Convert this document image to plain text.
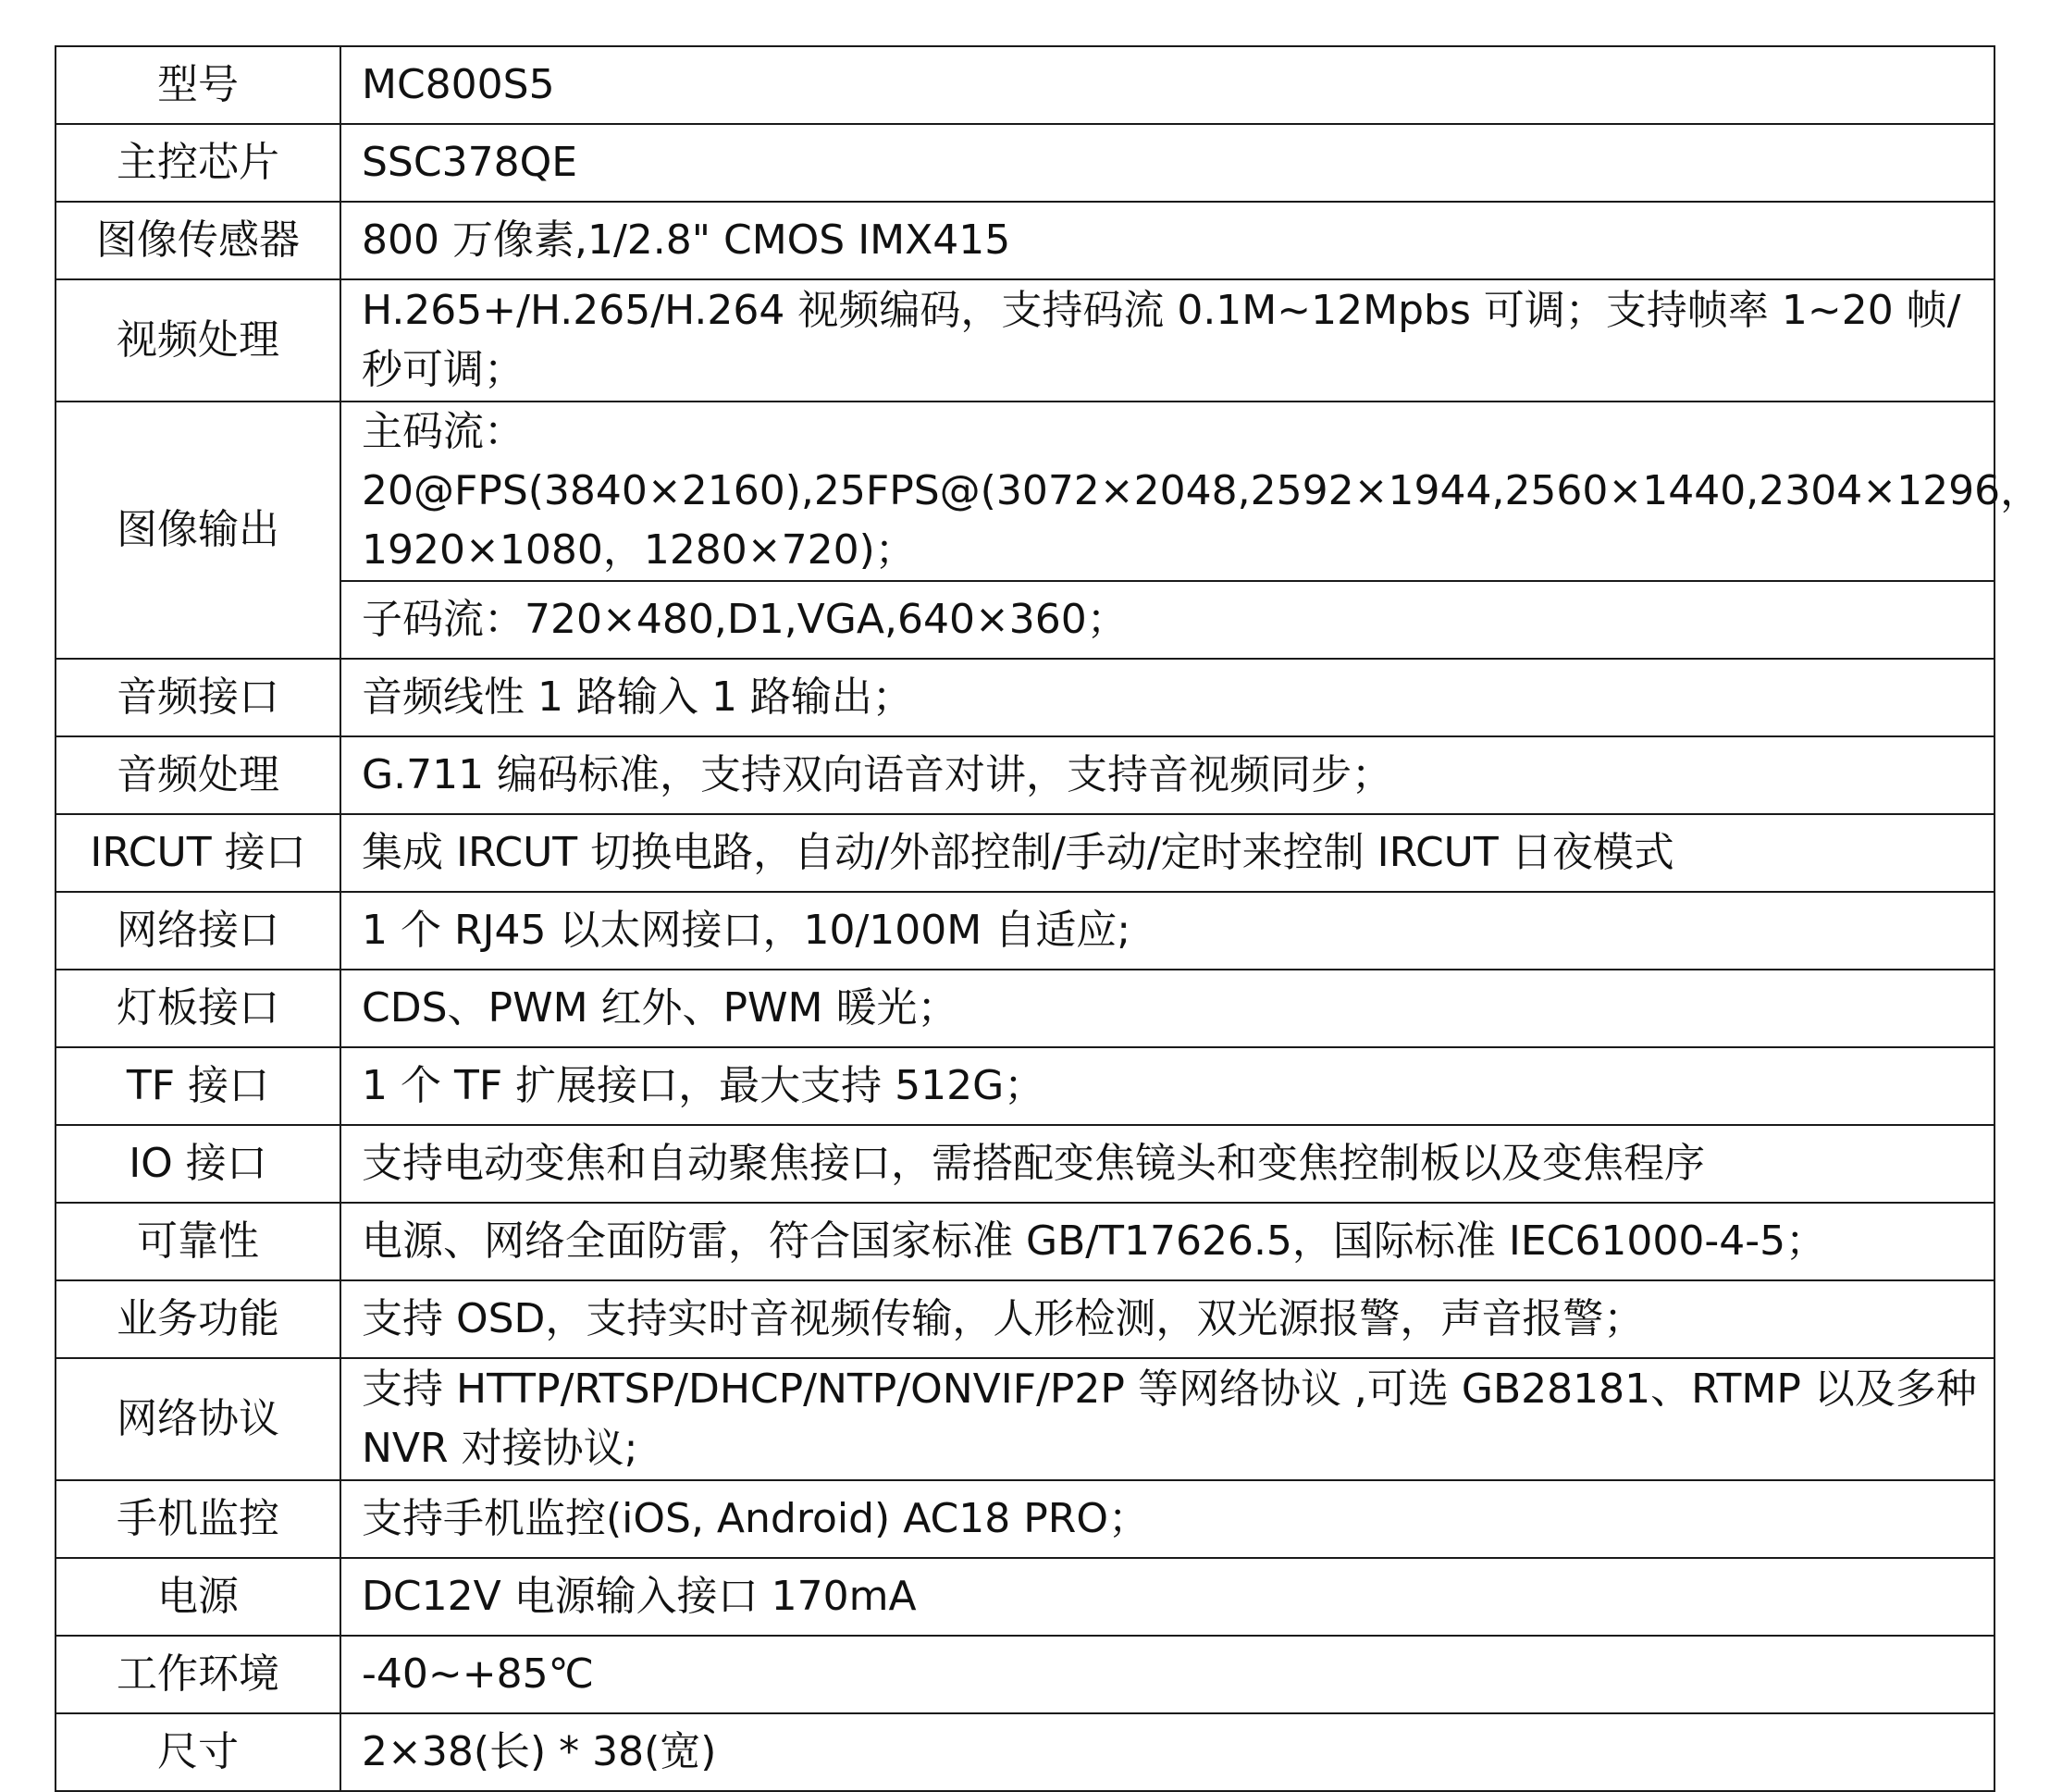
型号	MC800S5
主控芯片	SSC378QE
图像传感器	800 万像素,1/2.8" CMOS IMX415
视频处理	H.265+/H.265/H.264 视频编码，支持码流 0.1M~12Mpbs 可调；支持帧率 1~20 帧/秒可调；
图像输出	主码流：20@FPS(3840×2160),25FPS@(3072×2048,2592×1944,2560×1440,2304×1296，1920×1080，1280×720)；
	子码流：720×480,D1,VGA,640×360；
音频接口	音频线性 1 路输入 1 路输出；
音频处理	G.711 编码标准，支持双向语音对讲，支持音视频同步；
IRCUT 接口	集成 IRCUT 切换电路，自动/外部控制/手动/定时来控制 IRCUT 日夜模式
网络接口	1 个 RJ45 以太网接口，10/100M 自适应;
灯板接口	CDS、PWM 红外、PWM 暖光；
TF 接口	1 个 TF 扩展接口，最大支持 512G；
IO 接口	支持电动变焦和自动聚焦接口，需搭配变焦镜头和变焦控制板以及变焦程序
可靠性	电源、网络全面防雷，符合国家标准 GB/T17626.5，国际标准 IEC61000-4-5；
业务功能	支持 OSD，支持实时音视频传输，人形检测，双光源报警，声音报警；
网络协议	支持 HTTP/RTSP/DHCP/NTP/ONVIF/P2P 等网络协议 ,可选 GB28181、RTMP 以及多种 NVR 对接协议;
手机监控	支持手机监控(iOS, Android) AC18 PRO；
电源	DC12V 电源输入接口 170mA
工作环境	-40~+85℃
尺寸	2×38(长) * 38(宽)
